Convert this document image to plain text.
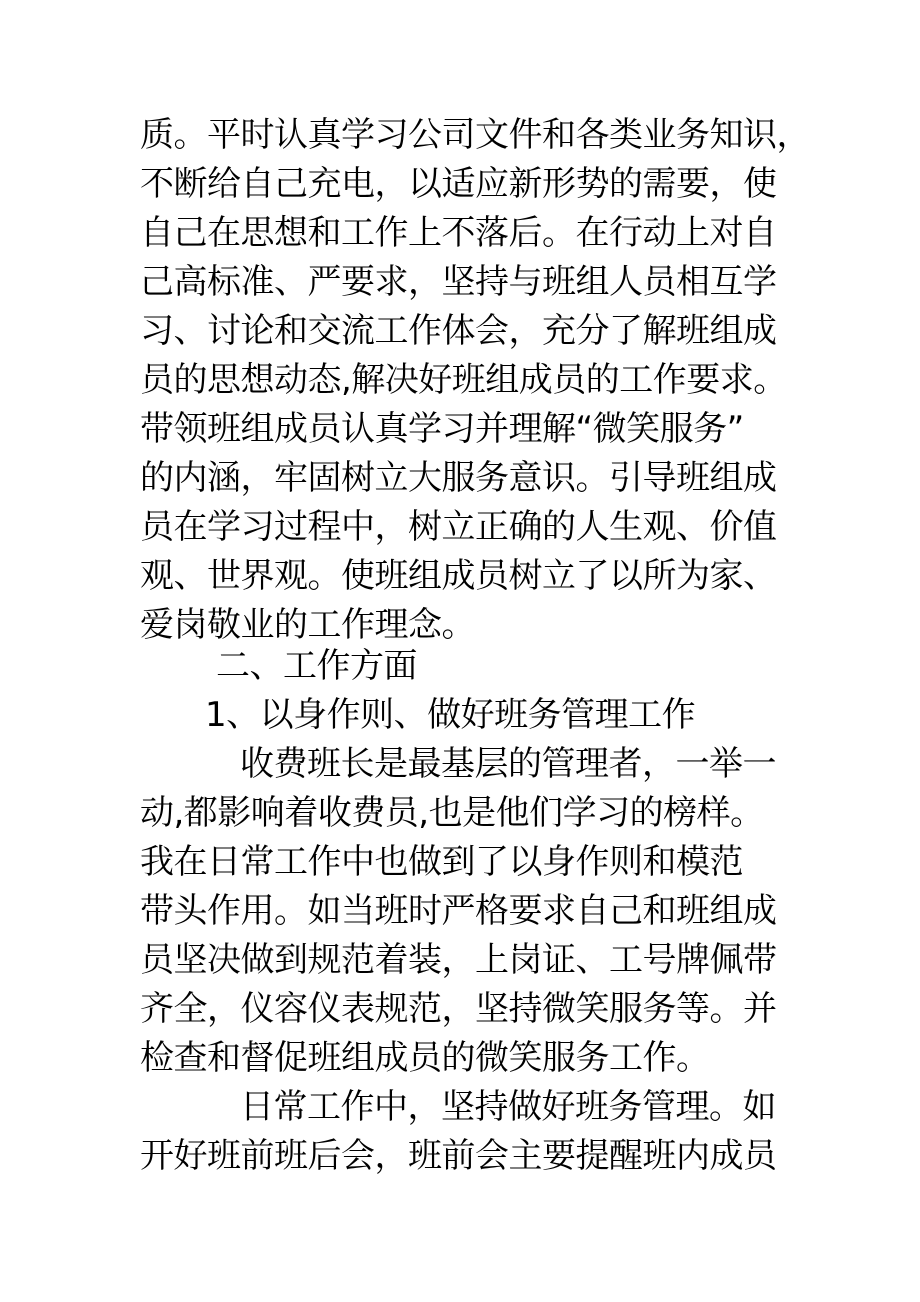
质。平时认真学习公司文件和各类业务知识，
不断给自己充电，以适应新形势的需要，使
自己在思想和工作上不落后。在行动上对自
己高标准、严要求，坚持与班组人员相互学
习、讨论和交流工作体会，充分了解班组成
员的思想动态,解决好班组成员的工作要求。
带领班组成员认真学习并理解“微笑服务”
的内涵，牢固树立大服务意识。引导班组成
员在学习过程中，树立正确的人生观、价值
观、世界观。使班组成员树立了以所为家、
爱岗敬业的工作理念。
二、工作方面
1、以身作则、做好班务管理工作
收费班长是最基层的管理者，一举一
动,都影响着收费员,也是他们学习的榜样。
我在日常工作中也做到了以身作则和模范
带头作用。如当班时严格要求自己和班组成
员坚决做到规范着装，上岗证、工号牌佩带
齐全，仪容仪表规范，坚持微笑服务等。并
检查和督促班组成员的微笑服务工作。
日常工作中，坚持做好班务管理。如
开好班前班后会，班前会主要提醒班内成员
